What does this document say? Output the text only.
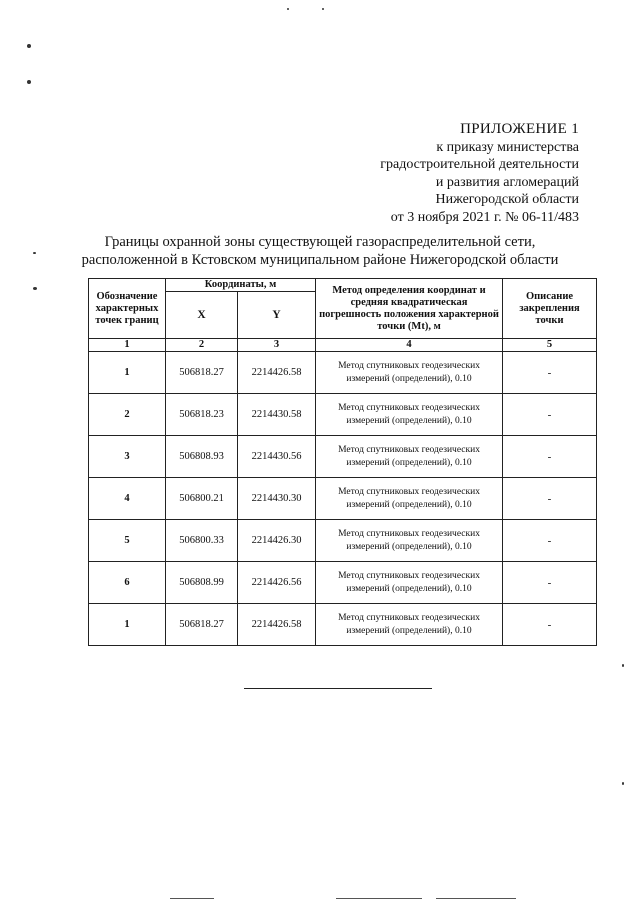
ПРИЛОЖЕНИЕ 1
к приказу министерства
градостроительной деятельности
и развития агломераций
Нижегородской области
от 3 ноября 2021 г. № 06-11/483
Границы охранной зоны существующей газораспределительной сети,
расположенной в Кстовском муниципальном районе Нижегородской области
Обозначение характерных точек границ	Координаты, м		Метод определения координат и средняя квадратическая погрешность положения характерной точки (Mt), м	Описание закрепления точки
	X	Y		
1	2	3	4	5
1	506818.27	2214426.58	Метод спутниковых геодезических измерений (определений), 0.10	-
2	506818.23	2214430.58	Метод спутниковых геодезических измерений (определений), 0.10	-
3	506808.93	2214430.56	Метод спутниковых геодезических измерений (определений), 0.10	-
4	506800.21	2214430.30	Метод спутниковых геодезических измерений (определений), 0.10	-
5	506800.33	2214426.30	Метод спутниковых геодезических измерений (определений), 0.10	-
6	506808.99	2214426.56	Метод спутниковых геодезических измерений (определений), 0.10	-
1	506818.27	2214426.58	Метод спутниковых геодезических измерений (определений), 0.10	-
